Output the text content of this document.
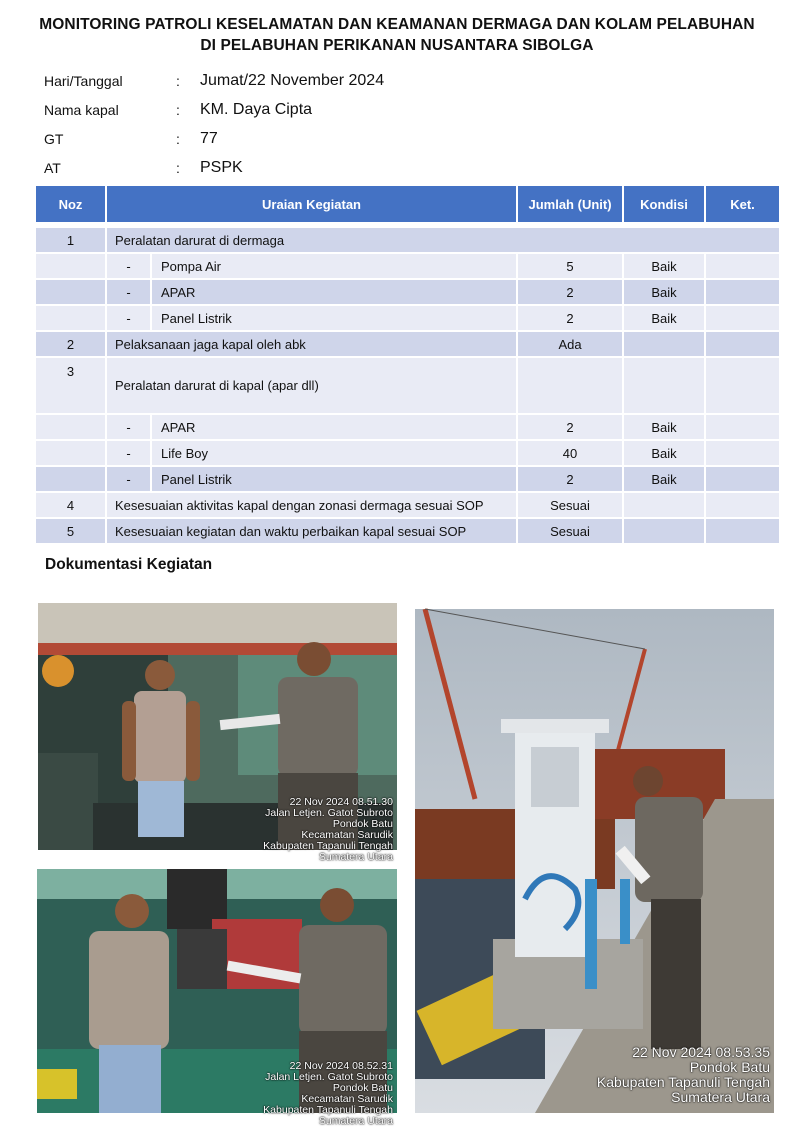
MONITORING PATROLI KESELAMATAN DAN KEAMANAN DERMAGA DAN KOLAM PELABUHAN
DI PELABUHAN PERIKANAN NUSANTARA SIBOLGA
Hari/Tanggal	:	Jumat/22 November 2024
Nama kapal	:	KM. Daya Cipta
GT	:	77
AT	:	PSPK
Noz	Uraian Kegiatan		Jumlah (Unit)	Kondisi	Ket.

1	Peralatan darurat di dermaga				
	-	Pompa Air	5	Baik	
	-	APAR	2	Baik	
	-	Panel Listrik	2	Baik	
2	Pelaksanaan jaga kapal oleh abk		Ada		
3	Peralatan darurat di kapal (apar dll)				
	-	APAR	2	Baik	
	-	Life Boy	40	Baik	
	-	Panel Listrik	2	Baik	
4	Kesesuaian aktivitas kapal dengan zonasi dermaga sesuai SOP		Sesuai		
5	Kesesuaian kegiatan dan waktu perbaikan kapal sesuai SOP		Sesuai		
Dokumentasi Kegiatan
22 Nov 2024 08.51.30
Jalan Letjen. Gatot Subroto
Pondok Batu
Kecamatan Sarudik
Kabupaten Tapanuli Tengah
Sumatera Utara
22 Nov 2024 08.52.31
Jalan Letjen. Gatot Subroto
Pondok Batu
Kecamatan Sarudik
Kabupaten Tapanuli Tengah
Sumatera Utara
22 Nov 2024 08.53.35
Pondok Batu
Kabupaten Tapanuli Tengah
Sumatera Utara
